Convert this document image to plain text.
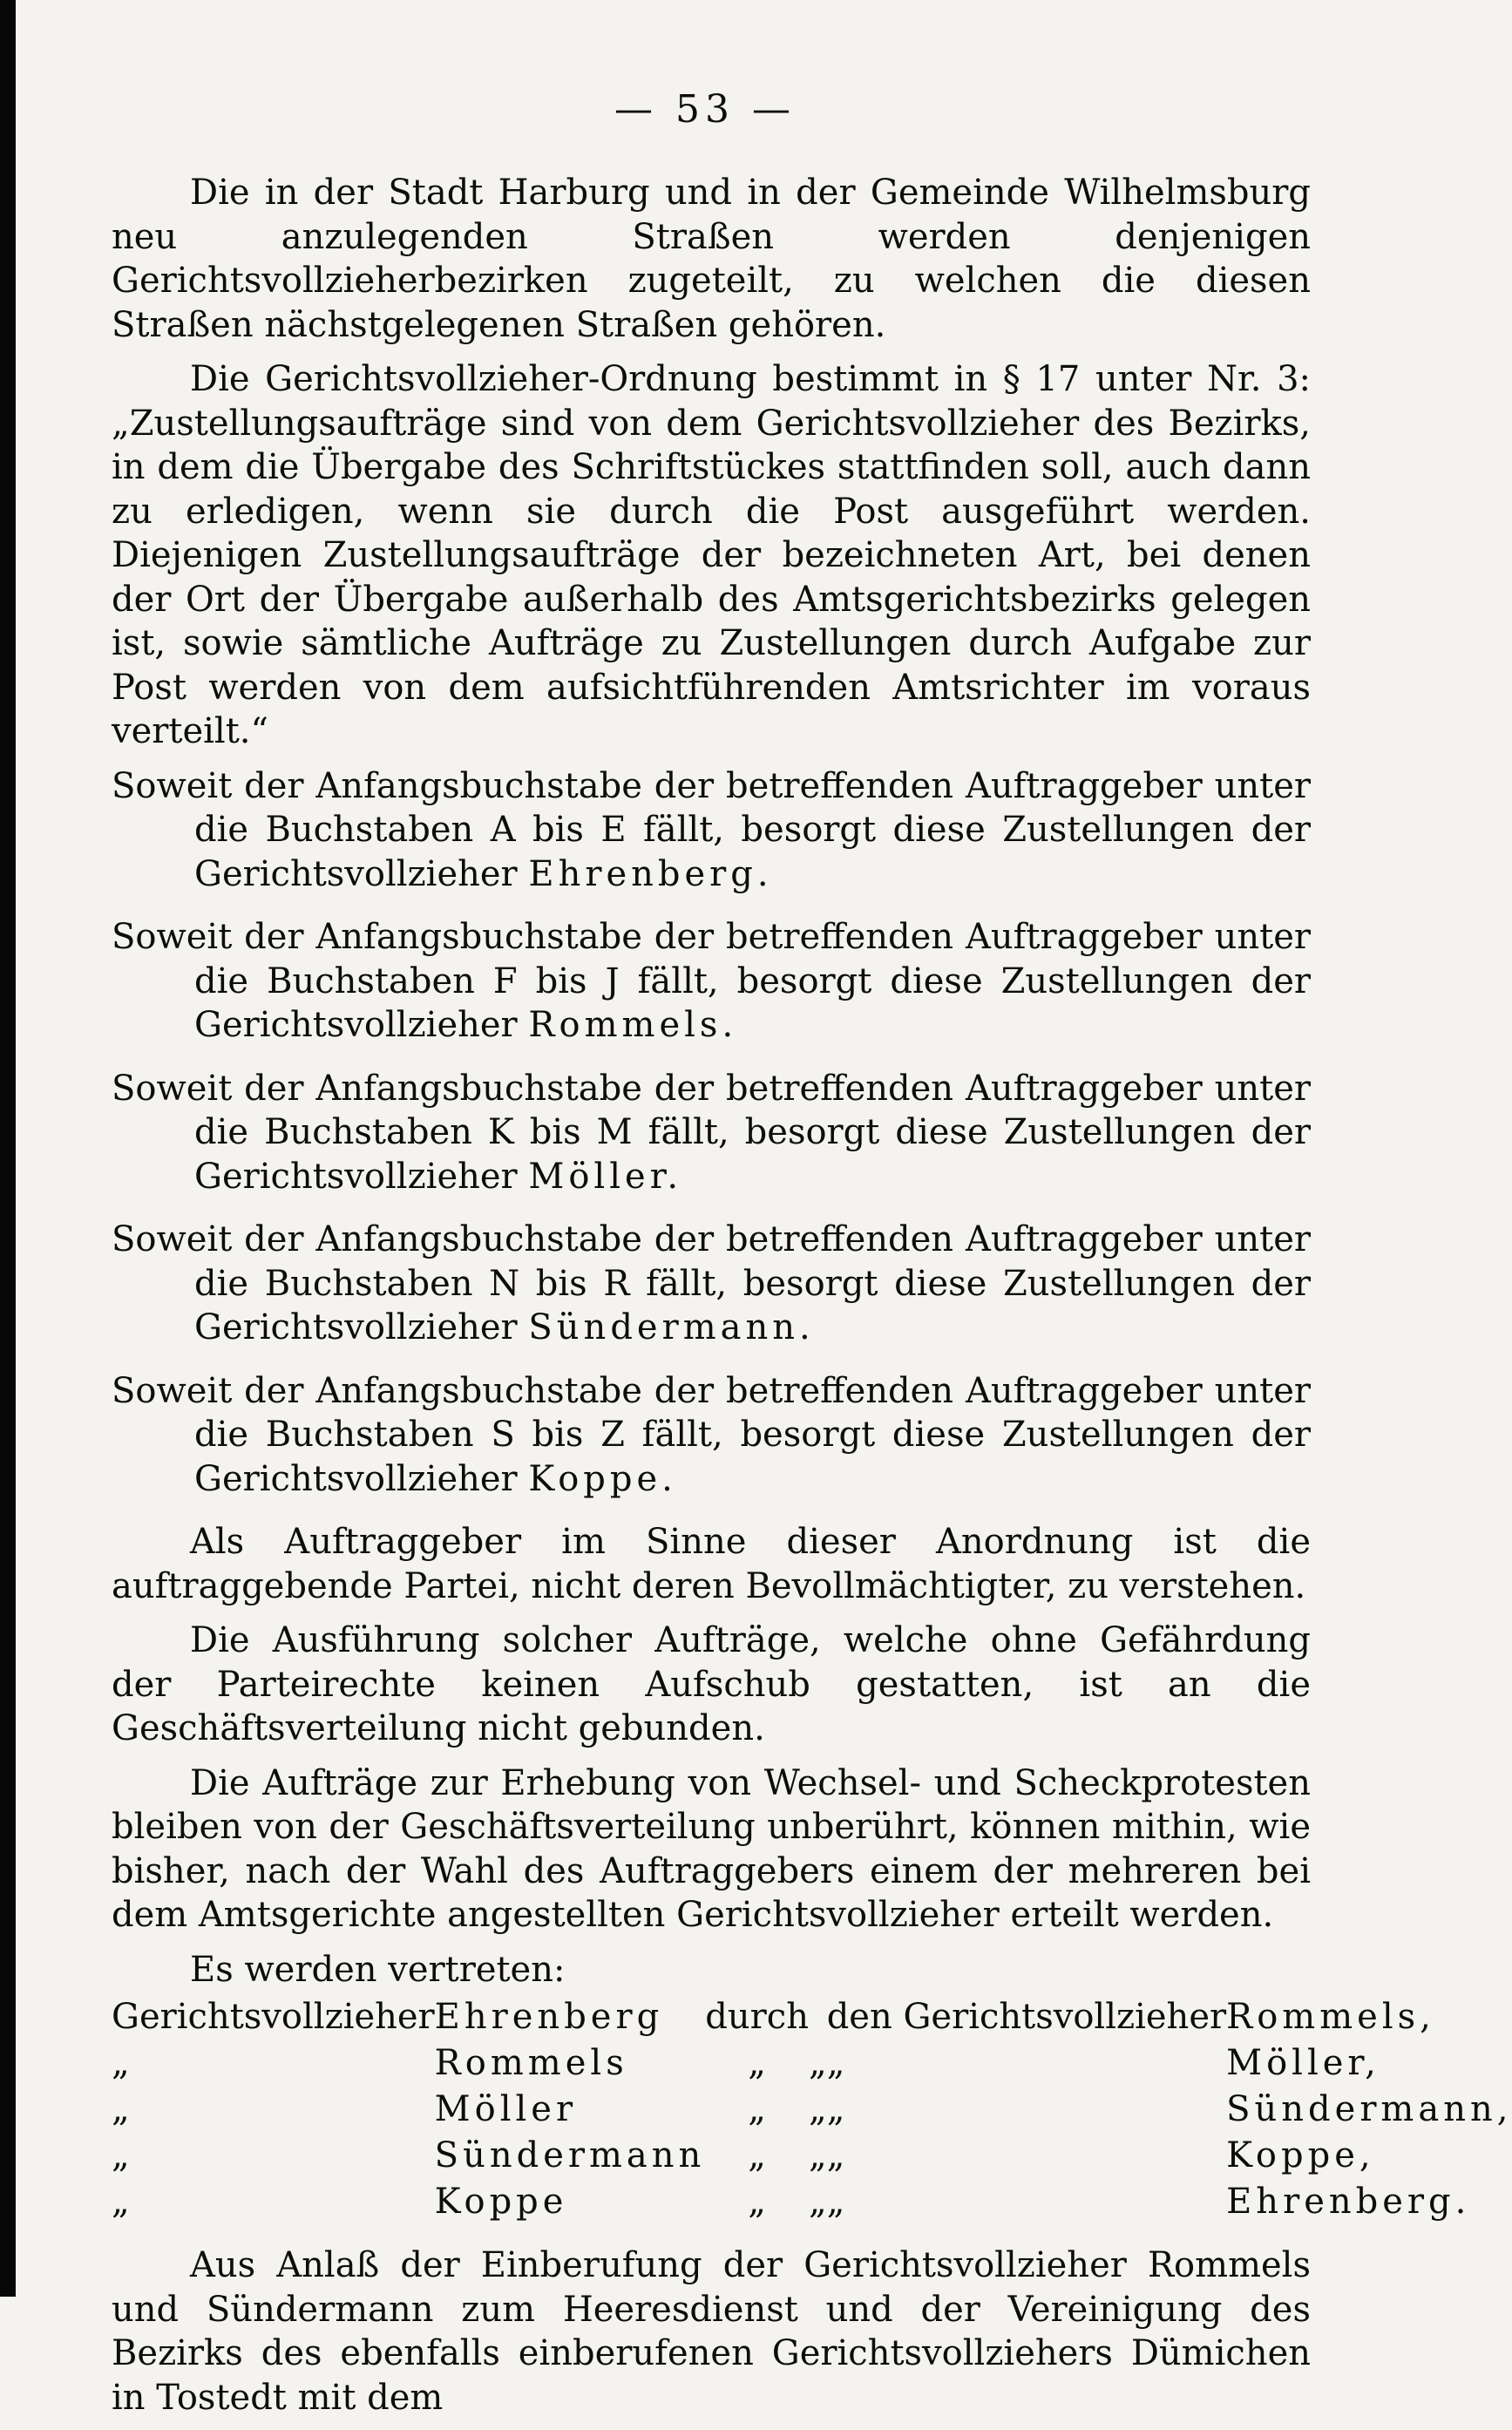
— 53 —

Die in der Stadt Harburg und in der Gemeinde Wilhelmsburg neu anzulegenden Straßen werden denjenigen Gerichtsvollzieherbezirken zugeteilt, zu welchen die diesen Straßen nächstgelegenen Straßen gehören.

Die Gerichtsvollzieher-Ordnung bestimmt in § 17 unter Nr. 3: „Zustellungsaufträge sind von dem Gerichtsvollzieher des Bezirks, in dem die Übergabe des Schriftstückes stattfinden soll, auch dann zu erledigen, wenn sie durch die Post ausgeführt werden. Diejenigen Zustellungsaufträge der bezeichneten Art, bei denen der Ort der Übergabe außerhalb des Amtsgerichtsbezirks gelegen ist, sowie sämtliche Aufträge zu Zustellungen durch Aufgabe zur Post werden von dem aufsichtführenden Amtsrichter im voraus verteilt.“

Soweit der Anfangsbuchstabe der betreffenden Auftraggeber unter die Buchstaben A bis E fällt, besorgt diese Zustellungen der Gerichtsvollzieher Ehrenberg.

Soweit der Anfangsbuchstabe der betreffenden Auftraggeber unter die Buchstaben F bis J fällt, besorgt diese Zustellungen der Gerichtsvollzieher Rommels.

Soweit der Anfangsbuchstabe der betreffenden Auftraggeber unter die Buchstaben K bis M fällt, besorgt diese Zustellungen der Gerichtsvollzieher Möller.

Soweit der Anfangsbuchstabe der betreffenden Auftraggeber unter die Buchstaben N bis R fällt, besorgt diese Zustellungen der Gerichtsvollzieher Sündermann.

Soweit der Anfangsbuchstabe der betreffenden Auftraggeber unter die Buchstaben S bis Z fällt, besorgt diese Zustellungen der Gerichtsvollzieher Koppe.

Als Auftraggeber im Sinne dieser Anordnung ist die auftraggebende Partei, nicht deren Bevollmächtigter, zu verstehen.

Die Ausführung solcher Aufträge, welche ohne Gefährdung der Parteirechte keinen Aufschub gestatten, ist an die Geschäftsverteilung nicht gebunden.

Die Aufträge zur Erhebung von Wechsel- und Scheckprotesten bleiben von der Geschäftsverteilung unberührt, können mithin, wie bisher, nach der Wahl des Auftraggebers einem der mehreren bei dem Amtsgerichte angestellten Gerichtsvollzieher erteilt werden.

Es werden vertreten:

Gerichtsvollzieher	Ehrenberg	durch		den Gerichtsvollzieher	Rommels,
„	Rommels	„	„	„	Möller,
„	Möller	„	„	„	Sündermann,
„	Sündermann	„	„	„	Koppe,
„	Koppe	„	„	„	Ehrenberg.

Aus Anlaß der Einberufung der Gerichtsvollzieher Rommels und Sündermann zum Heeresdienst und der Vereinigung des Bezirks des ebenfalls einberufenen Gerichtsvollziehers Dümichen in Tostedt mit dem
